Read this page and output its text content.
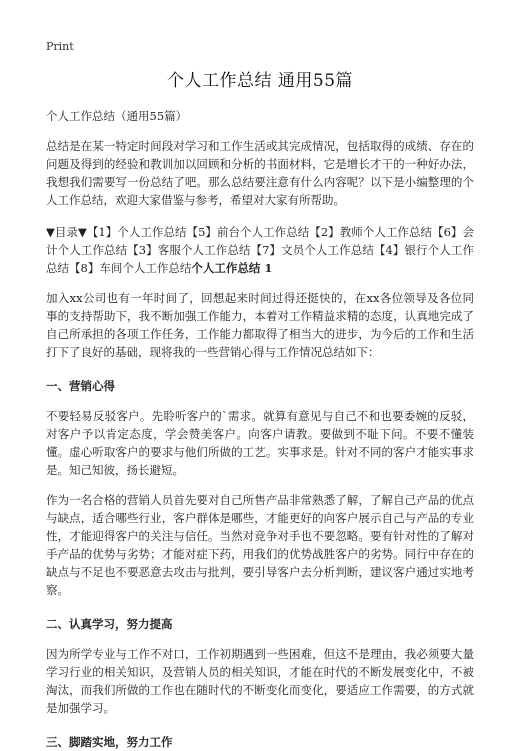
Print
个人工作总结 通用55篇
个人工作总结（通用55篇）

总结是在某一特定时间段对学习和工作生活或其完成情况，包括取得的成绩、存在的问题及得到的经验和教训加以回顾和分析的书面材料，它是增长才干的一种好办法，我想我们需要写一份总结了吧。那么总结要注意有什么内容呢？以下是小编整理的个人工作总结，欢迎大家借鉴与参考，希望对大家有所帮助。

▼目录▼【1】个人工作总结【5】前台个人工作总结【2】教师个人工作总结【6】会计个人工作总结【3】客服个人工作总结【7】文员个人工作总结【4】银行个人工作总结【8】车间个人工作总结个人工作总结 1

加入xx公司也有一年时间了，回想起来时间过得还挺快的，在xx各位领导及各位同事的支持帮助下，我不断加强工作能力，本着对工作精益求精的态度，认真地完成了自己所承担的各项工作任务，工作能力都取得了相当大的进步，为今后的工作和生活打下了良好的基础，现将我的一些营销心得与工作情况总结如下：

一、营销心得

不要轻易反驳客户。先聆听客户的`需求。就算有意见与自己不和也要委婉的反驳，对客户予以肯定态度，学会赞美客户。向客户请教。要做到不耻下问。不要不懂装懂。虚心听取客户的要求与他们所做的工艺。实事求是。针对不同的客户才能实事求是。知己知彼，扬长避短。

作为一名合格的营销人员首先要对自己所售产品非常熟悉了解，了解自己产品的优点与缺点，适合哪些行业，客户群体是哪些，才能更好的向客户展示自己与产品的专业性，才能迎得客户的关注与信任。当然对竞争对手也不要忽略。要有针对性的了解对手产品的优势与劣势；才能对症下药，用我们的优势战胜客户的劣势。同行中存在的缺点与不足也不要恶意去攻击与批判，要引导客户去分析判断，建议客户通过实地考察。

二、认真学习，努力提高

因为所学专业与工作不对口，工作初期遇到一些困难，但这不是理由，我必须要大量学习行业的相关知识，及营销人员的相关知识，才能在时代的不断发展变化中，不被淘汰，而我们所做的工作也在随时代的不断变化而变化，要适应工作需要，的方式就是加强学习。

三、脚踏实地，努力工作
